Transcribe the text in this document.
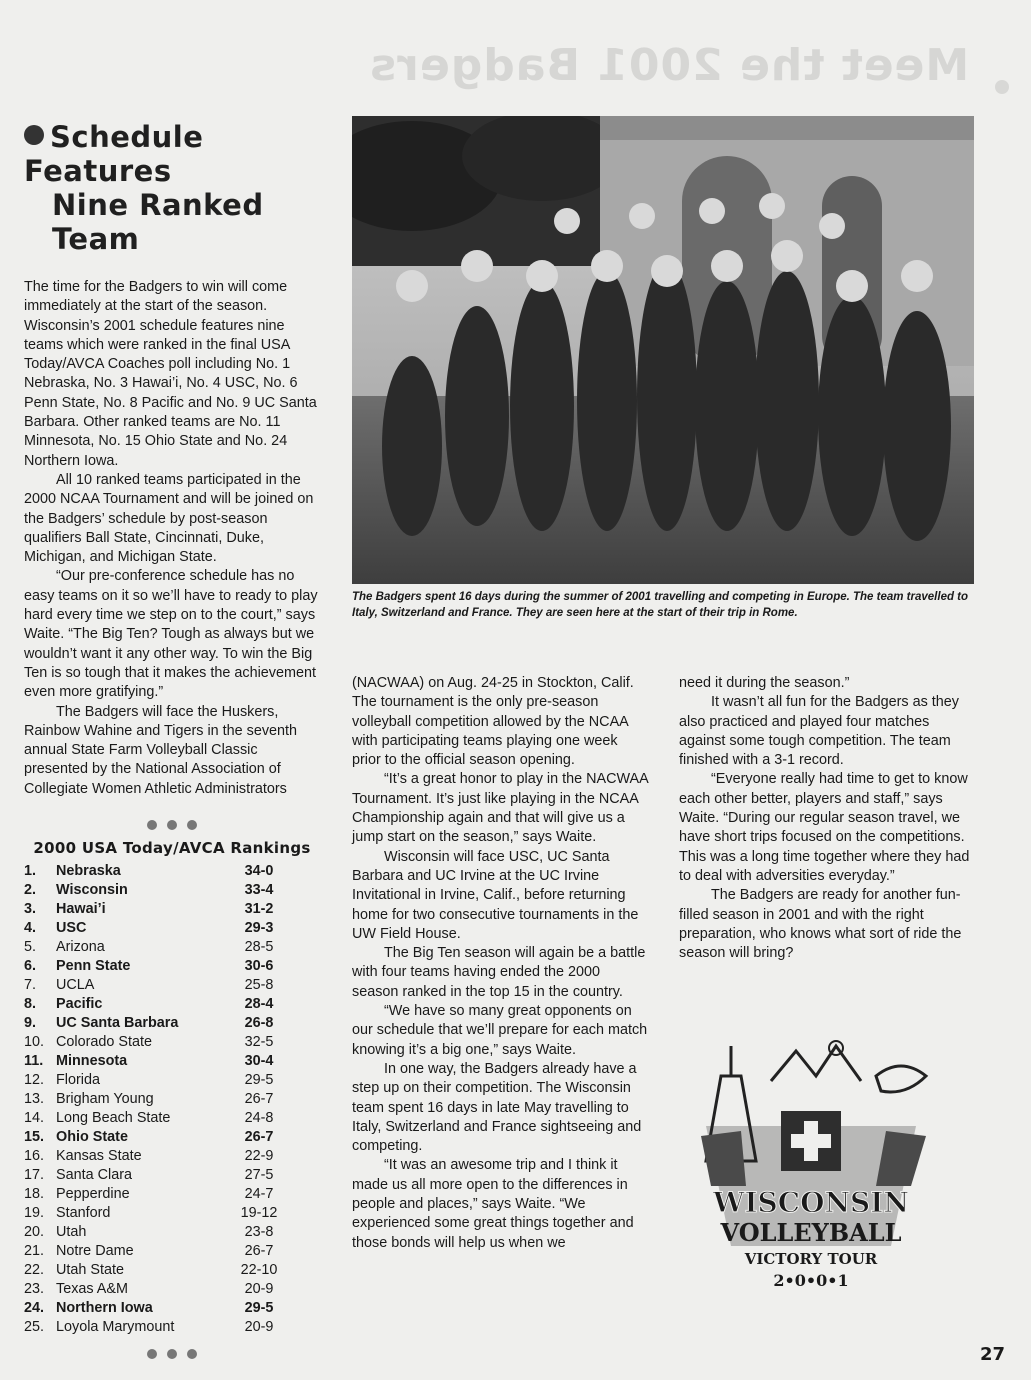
Meet the 2001 Badgers
Schedule Features
Nine Ranked Team

The time for the Badgers to win will come immediately at the start of the season. Wisconsin’s 2001 schedule features nine teams which were ranked in the final USA Today/AVCA Coaches poll including No. 1 Nebraska, No. 3 Hawai’i, No. 4 USC, No. 6 Penn State, No. 8 Pacific and No. 9 UC Santa Barbara. Other ranked teams are No. 11 Minnesota, No. 15 Ohio State and No. 24 Northern Iowa.

All 10 ranked teams participated in the 2000 NCAA Tournament and will be joined on the Badgers’ schedule by post-season qualifiers Ball State, Cincinnati, Duke, Michigan, and Michigan State.

“Our pre-conference schedule has no easy teams on it so we’ll have to ready to play hard every time we step on to the court,” says Waite. “The Big Ten? Tough as always but we wouldn’t want it any other way. To win the Big Ten is so tough that it makes the achievement even more gratifying.”

The Badgers will face the Huskers, Rainbow Wahine and Tigers in the seventh annual State Farm Volleyball Classic presented by the National Association of Collegiate Women Athletic Administrators

2000 USA Today/AVCA Rankings
1.	Nebraska	34-0
2.	Wisconsin	33-4
3.	Hawai’i	31-2
4.	USC	29-3
5.	Arizona	28-5
6.	Penn State	30-6
7.	UCLA	25-8
8.	Pacific	28-4
9.	UC Santa Barbara	26-8
10.	Colorado State	32-5
11.	Minnesota	30-4
12.	Florida	29-5
13.	Brigham Young	26-7
14.	Long Beach State	24-8
15.	Ohio State	26-7
16.	Kansas State	22-9
17.	Santa Clara	27-5
18.	Pepperdine	24-7
19.	Stanford	19-12
20.	Utah	23-8
21.	Notre Dame	26-7
22.	Utah State	22-10
23.	Texas A&M	20-9
24.	Northern Iowa	29-5
25.	Loyola Marymount	20-9
The Badgers spent 16 days during the summer of 2001 travelling and competing in Europe. The team travelled to Italy, Switzerland and France. They are seen here at the start of their trip in Rome.

(NACWAA) on Aug. 24-25 in Stockton, Calif. The tournament is the only pre-season volleyball competition allowed by the NCAA with participating teams playing one week prior to the official season opening.

“It’s a great honor to play in the NACWAA Tournament. It’s just like playing in the NCAA Championship again and that will give us a jump start on the season,” says Waite.

Wisconsin will face USC, UC Santa Barbara and UC Irvine at the UC Irvine Invitational in Irvine, Calif., before returning home for two consecutive tournaments in the UW Field House.

The Big Ten season will again be a battle with four teams having ended the 2000 season ranked in the top 15 in the country.

“We have so many great opponents on our schedule that we’ll prepare for each match knowing it’s a big one,” says Waite.

In one way, the Badgers already have a step up on their competition. The Wisconsin team spent 16 days in late May travelling to Italy, Switzerland and France sightseeing and competing.

“It was an awesome trip and I think it made us all more open to the differences in people and places,” says Waite. “We experienced some great things together and those bonds will help us when we

need it during the season.”

It wasn’t all fun for the Badgers as they also practiced and played four matches against some tough competition. The team finished with a 3-1 record.

“Everyone really had time to get to know each other better, players and staff,” says Waite. “During our regular season travel, we have short trips focused on the competitions. This was a long time together where they had to deal with adversities everyday.”

The Badgers are ready for another fun-filled season in 2001 and with the right preparation, who knows what sort of ride the season will bring?

WISCONSIN
VOLLEYBALL
VICTORY TOUR
2•0•0•1
27
